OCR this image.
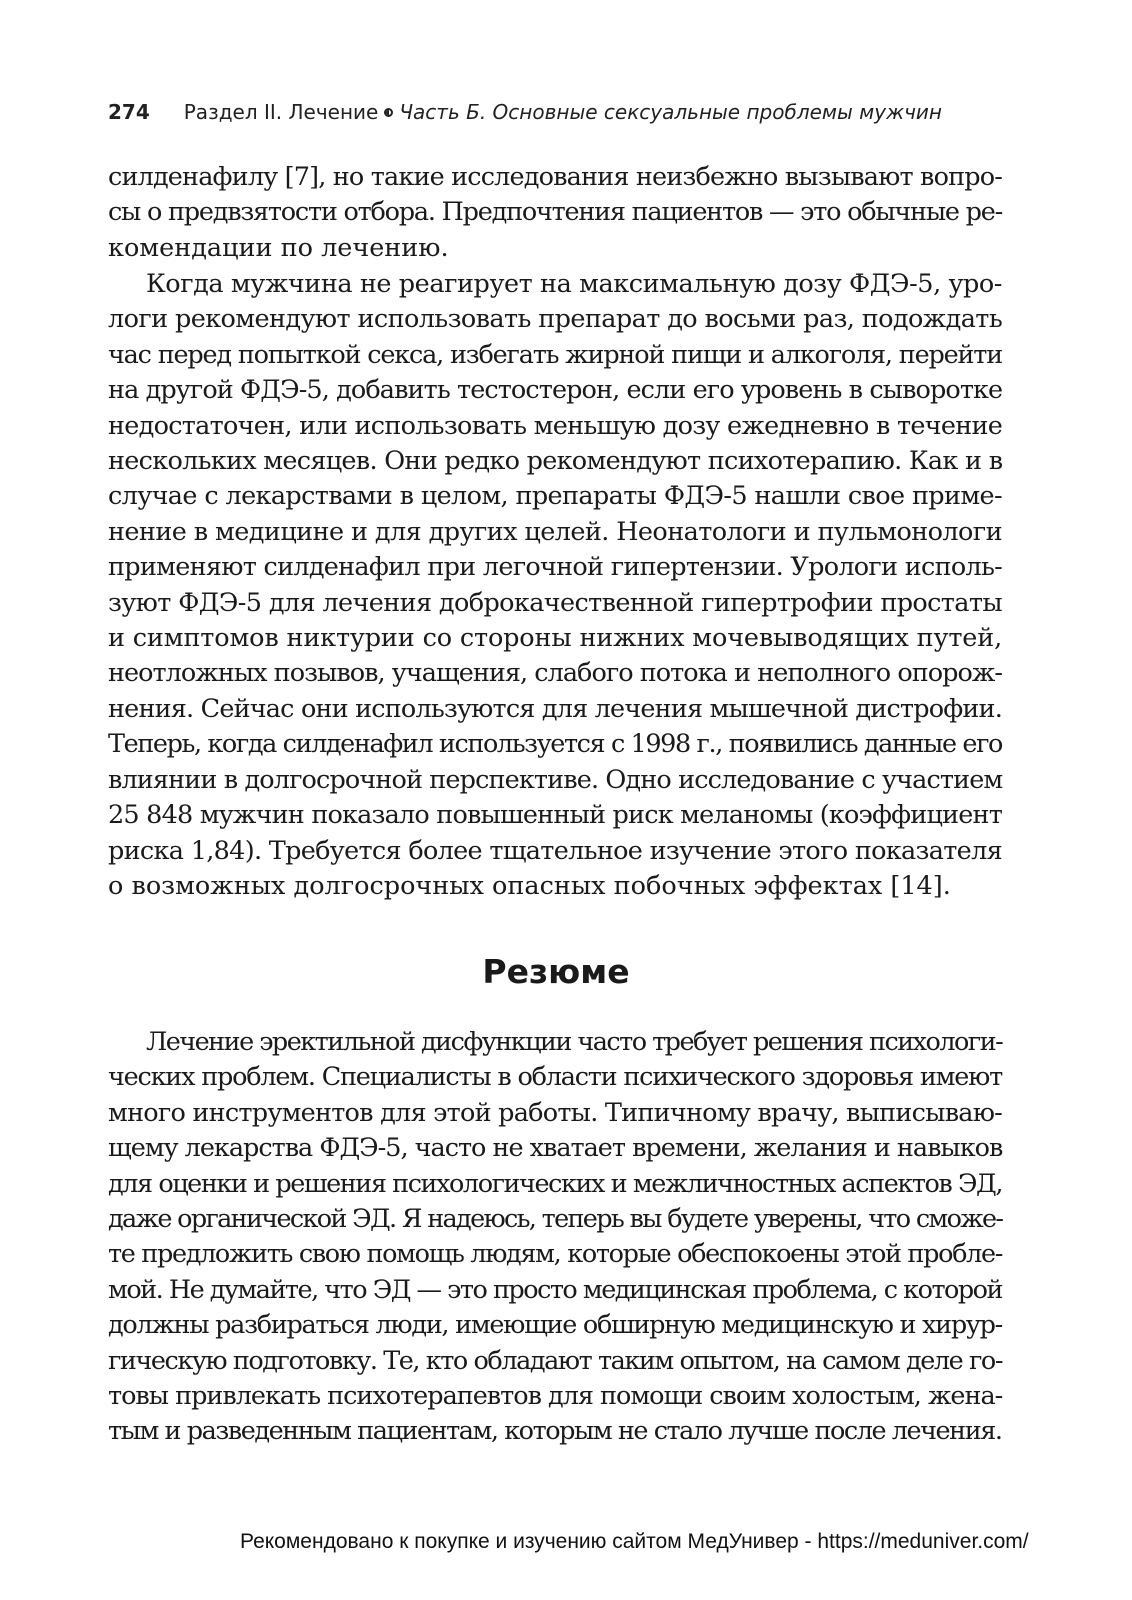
274 Раздел II. Лечение Часть Б. Основные сексуальные проблемы мужчин
силденафилу [7], но такие исследования неизбежно вызывают вопро-
сы о предвзятости отбора. Предпочтения пациентов — это обычные ре-
комендации по лечению.
Когда мужчина не реагирует на максимальную дозу ФДЭ-5, уро-
логи рекомендуют использовать препарат до восьми раз, подождать
час перед попыткой секса, избегать жирной пищи и алкоголя, перейти
на другой ФДЭ-5, добавить тестостерон, если его уровень в сыворотке
недостаточен, или использовать меньшую дозу ежедневно в течение
нескольких месяцев. Они редко рекомендуют психотерапию. Как и в
случае с лекарствами в целом, препараты ФДЭ-5 нашли свое приме-
нение в медицине и для других целей. Неонатологи и пульмонологи
применяют силденафил при легочной гипертензии. Урологи исполь-
зуют ФДЭ-5 для лечения доброкачественной гипертрофии простаты
и симптомов никтурии со стороны нижних мочевыводящих путей,
неотложных позывов, учащения, слабого потока и неполного опорож-
нения. Сейчас они используются для лечения мышечной дистрофии.
Теперь, когда силденафил используется с 1998 г., появились данные его
влиянии в долгосрочной перспективе. Одно исследование с участием
25 848 мужчин показало повышенный риск меланомы (коэффициент
риска 1,84). Требуется более тщательное изучение этого показателя
о возможных долгосрочных опасных побочных эффектах [14].
Резюме
Лечение эректильной дисфункции часто требует решения психологи-
ческих проблем. Специалисты в области психического здоровья имеют
много инструментов для этой работы. Типичному врачу, выписываю-
щему лекарства ФДЭ-5, часто не хватает времени, желания и навыков
для оценки и решения психологических и межличностных аспектов ЭД,
даже органической ЭД. Я надеюсь, теперь вы будете уверены, что сможе-
те предложить свою помощь людям, которые обеспокоены этой пробле-
мой. Не думайте, что ЭД — это просто медицинская проблема, с которой
должны разбираться люди, имеющие обширную медицинскую и хирур-
гическую подготовку. Те, кто обладают таким опытом, на самом деле го-
товы привлекать психотерапевтов для помощи своим холостым, жена-
тым и разведенным пациентам, которым не стало лучше после лечения.
Рекомендовано к покупке и изучению сайтом МедУнивер - https://meduniver.com/
